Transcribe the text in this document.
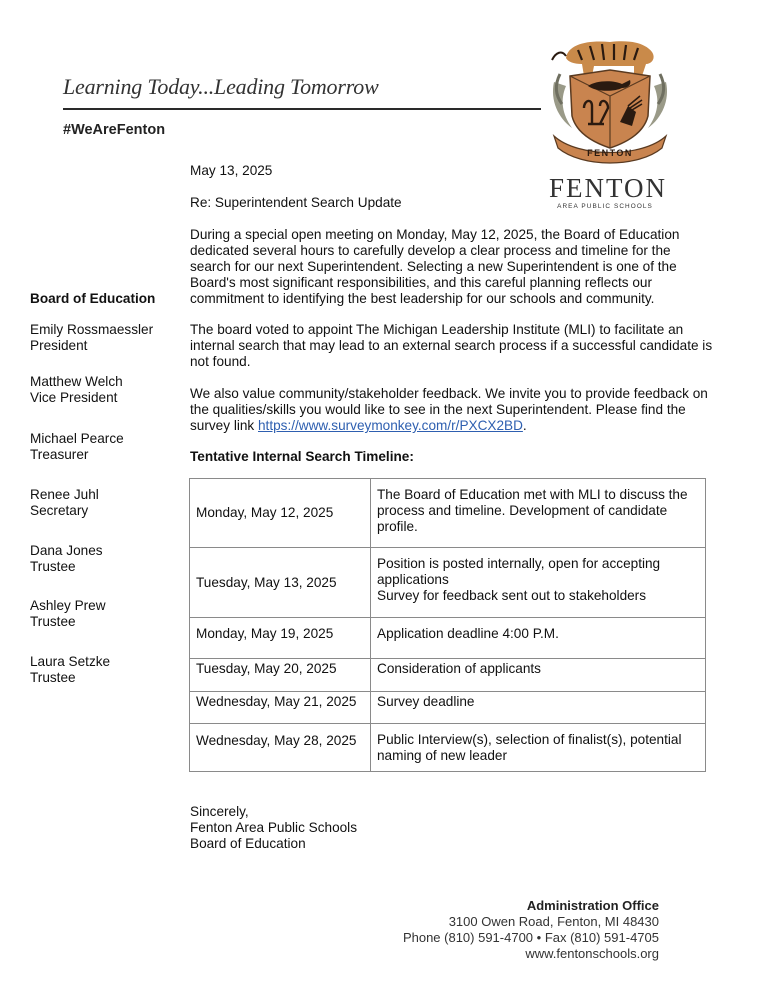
Learning Today...Leading Tomorrow
#WeAreFenton
FENTON
FENTON
AREA PUBLIC SCHOOLS
May 13, 2025
Re: Superintendent Search Update
During a special open meeting on Monday, May 12, 2025, the Board of Education dedicated several hours to carefully develop a clear process and timeline for the search for our next Superintendent. Selecting a new Superintendent is one of the Board's most significant responsibilities, and this careful planning reflects our commitment to identifying the best leadership for our schools and community.
The board voted to appoint The Michigan Leadership Institute (MLI) to facilitate an internal search that may lead to an external search process if a successful candidate is not found.
We also value community/stakeholder feedback. We invite you to provide feedback on the qualities/skills you would like to see in the next Superintendent. Please find the survey link https://www.surveymonkey.com/r/PXCX2BD.
Tentative Internal Search Timeline:
Board of Education
Emily Rossmaessler
President
Matthew Welch
Vice President
Michael Pearce
Treasurer
Renee Juhl
Secretary
Dana Jones
Trustee
Ashley Prew
Trustee
Laura Setzke
Trustee
Monday, May 12, 2025	The Board of Education met with MLI to discuss the process and timeline. Development of candidate profile.

Tuesday, May 13, 2025	Position is posted internally, open for accepting applications
Survey for feedback sent out to stakeholders

Monday, May 19, 2025	Application deadline 4:00 P.M.

Tuesday, May 20, 2025	Consideration of applicants

Wednesday, May 21, 2025	Survey deadline

Wednesday, May 28, 2025	Public Interview(s), selection of finalist(s), potential naming of new leader
Sincerely,
Fenton Area Public Schools
Board of Education
Administration Office
3100 Owen Road, Fenton, MI 48430
Phone (810) 591-4700 • Fax (810) 591-4705
www.fentonschools.org
